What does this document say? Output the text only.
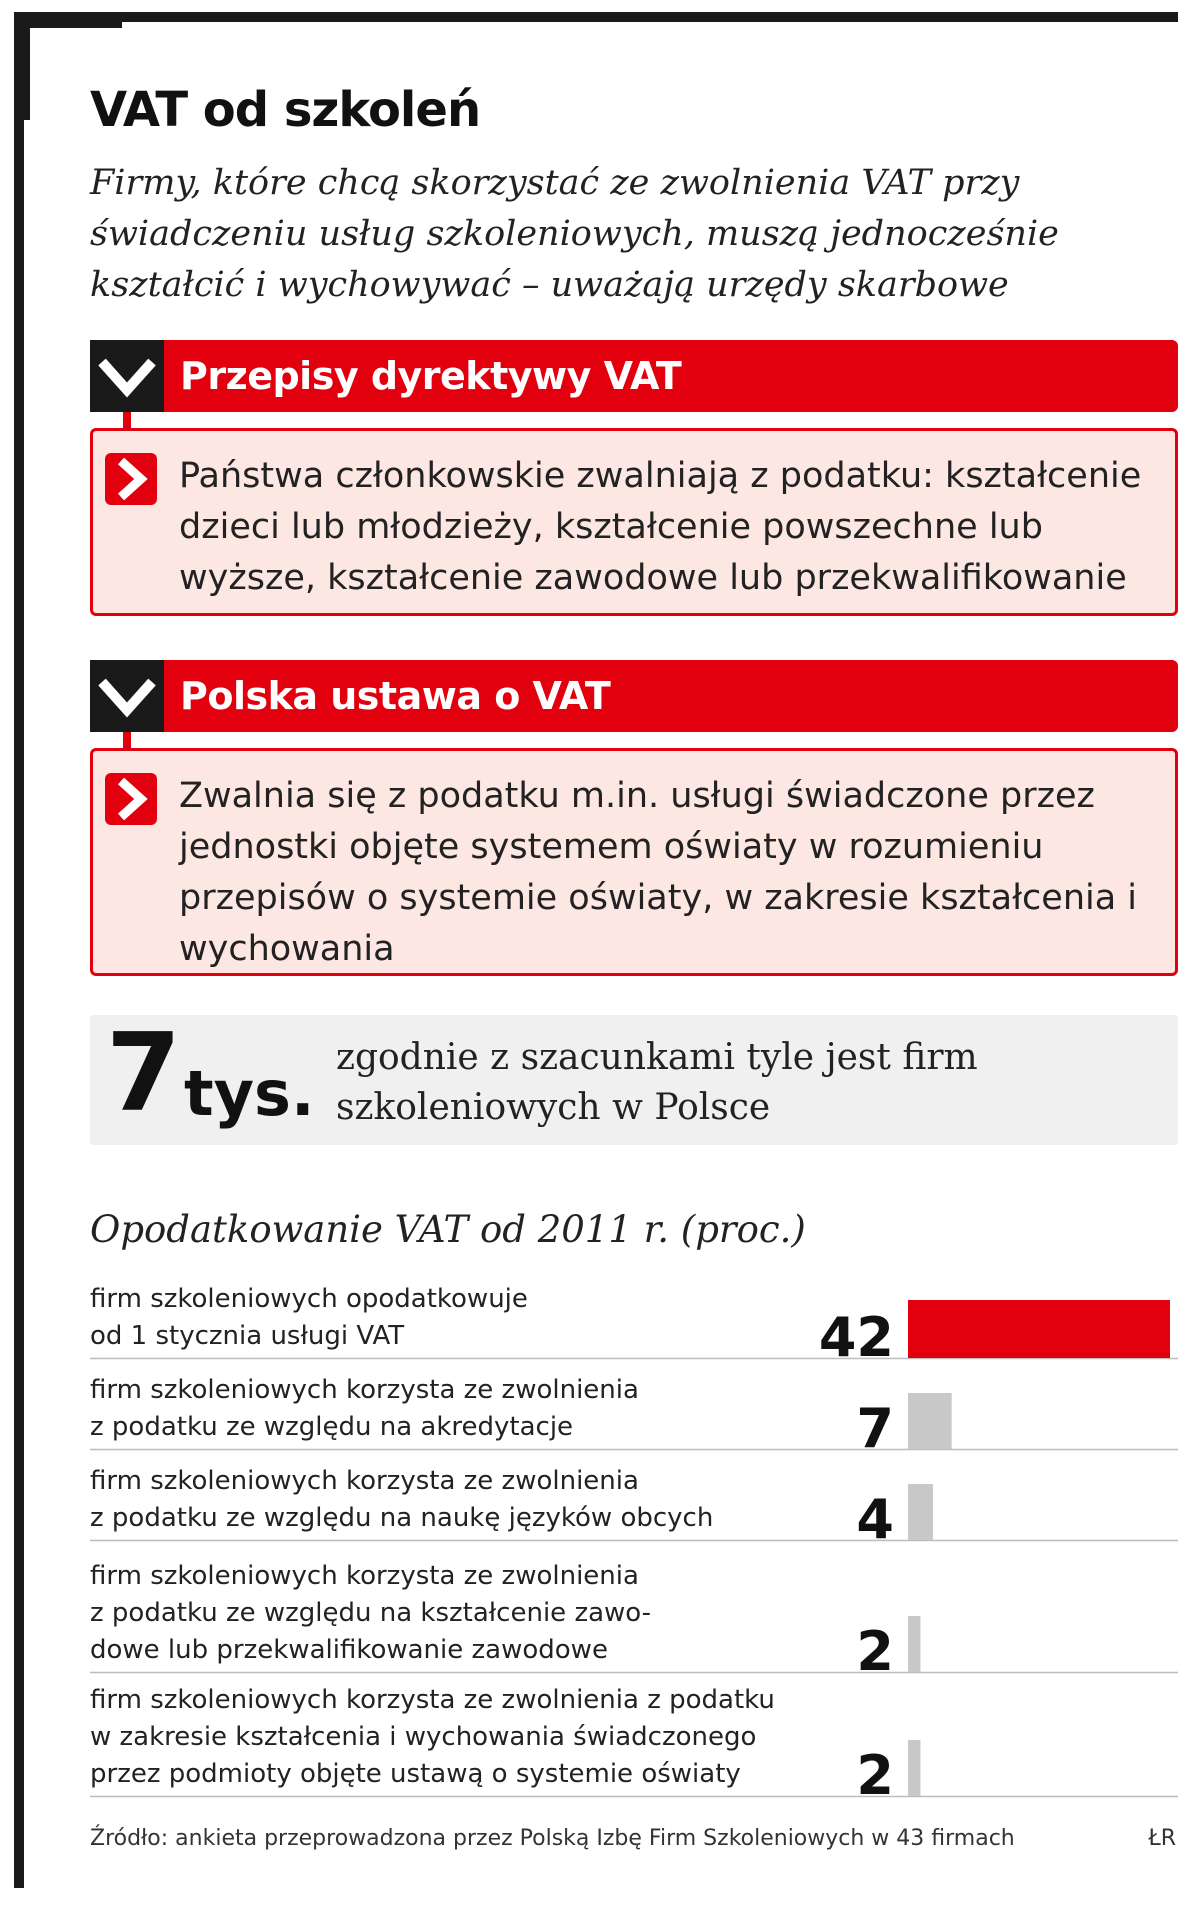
VAT od szkoleń
Firmy, które chcą skorzystać ze zwolnienia VAT przy świadczeniu usług szkoleniowych, muszą jednocześnie kształcić i wychowywać – uważają urzędy skarbowe
Przepisy dyrektywy VAT
Państwa członkowskie zwalniają z podatku: kształcenie dzieci lub młodzieży, kształcenie powszechne lub wyższe, kształcenie zawodowe lub przekwalifikowanie
Polska ustawa o VAT
Zwalnia się z podatku m.in. usługi świadczone przez jednostki objęte systemem oświaty w rozumieniu przepisów o systemie oświaty, w zakresie kształcenia i wychowania
7 tys. zgodnie z szacunkami tyle jest firm szkoleniowych w Polsce
Opodatkowanie VAT od 2011 r. (proc.)
42
7
4
2
2
firm szkoleniowych opodatkowuje
od 1 stycznia usługi VAT
firm szkoleniowych korzysta ze zwolnienia
z podatku ze względu na akredytacje
firm szkoleniowych korzysta ze zwolnienia
z podatku ze względu na naukę języków obcych
firm szkoleniowych korzysta ze zwolnienia
z podatku ze względu na kształcenie zawo-
dowe lub przekwalifikowanie zawodowe
firm szkoleniowych korzysta ze zwolnienia z podatku
w zakresie kształcenia i wychowania świadczonego
przez podmioty objęte ustawą o systemie oświaty
Źródło: ankieta przeprowadzona przez Polską Izbę Firm Szkoleniowych w 43 firmach	ŁR
